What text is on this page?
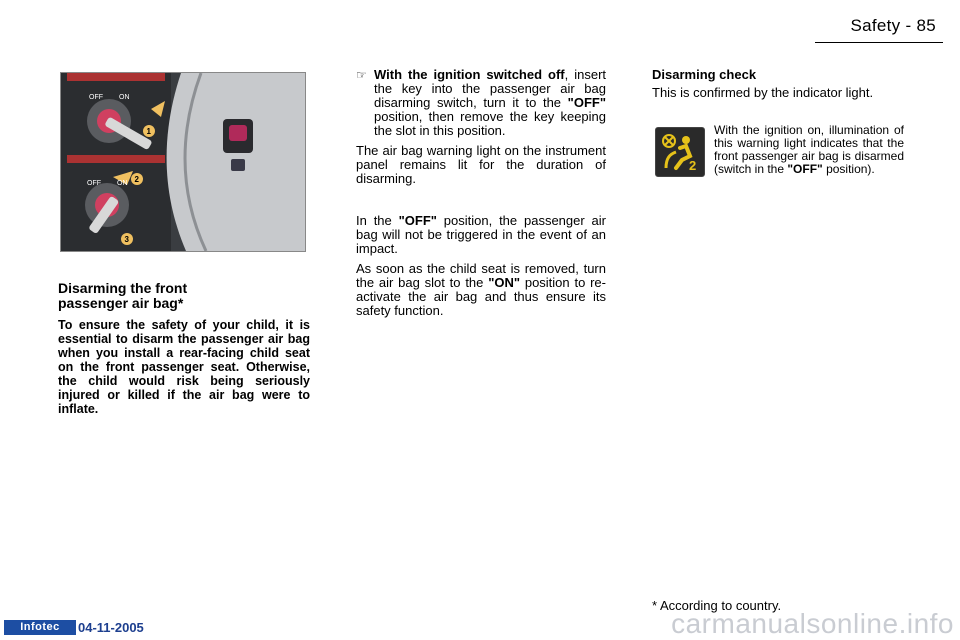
Safety - 85
OFF ON
1
OFF ON 2
3
Disarming the front
passenger air bag*
To ensure the safety of your child, it is essential to disarm the passenger air bag when you install a rear-facing child seat on the front passenger seat. Otherwise, the child would risk being seriously injured or killed if the air bag were to inflate.

☞ With the ignition switched off, insert the key into the passenger air bag disarming switch, turn it to the "OFF" position, then remove the key keeping the slot in this position.

The air bag warning light on the instrument panel remains lit for the duration of disarming.

In the "OFF" position, the passenger air bag will not be triggered in the event of an impact.

As soon as the child seat is removed, turn the air bag slot to the "ON" position to re-activate the air bag and thus ensure its safety function.

Disarming check

This is confirmed by the indicator light.

2
With the ignition on, illumination of this warning light indicates that the front passenger air bag is disarmed (switch in the "OFF" position).
* According to country.
Infotec	04-11-2005	carmanualsonline.info
